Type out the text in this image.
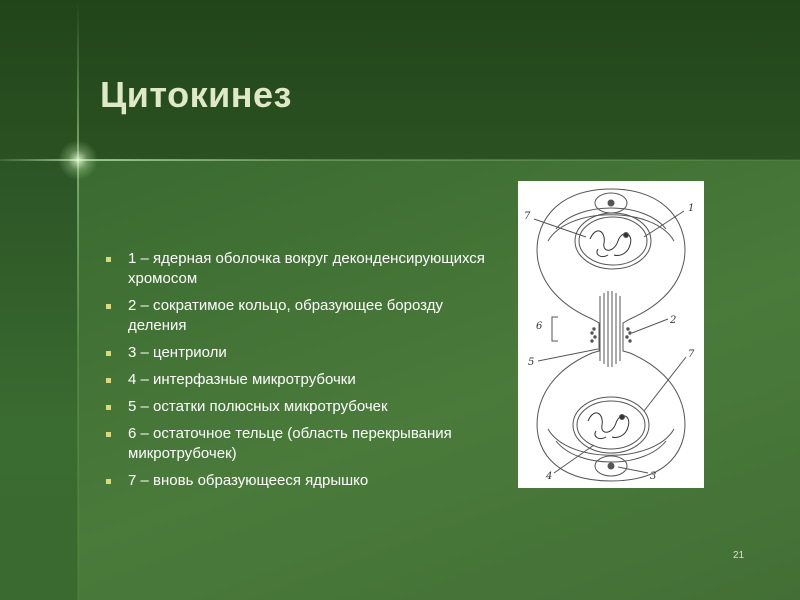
Цитокинез
1 – ядерная оболочка вокруг деконденсирующихся хромосом
2 – сократимое кольцо, образующее борозду деления
3 – центриоли
4 – интерфазные микротрубочки
5 – остатки полюсных микротрубочек
6 – остаточное тельце (область перекрывания микротрубочек)
7 – вновь образующееся ядрышко
7
1
2
6
5
7
4	3
21
